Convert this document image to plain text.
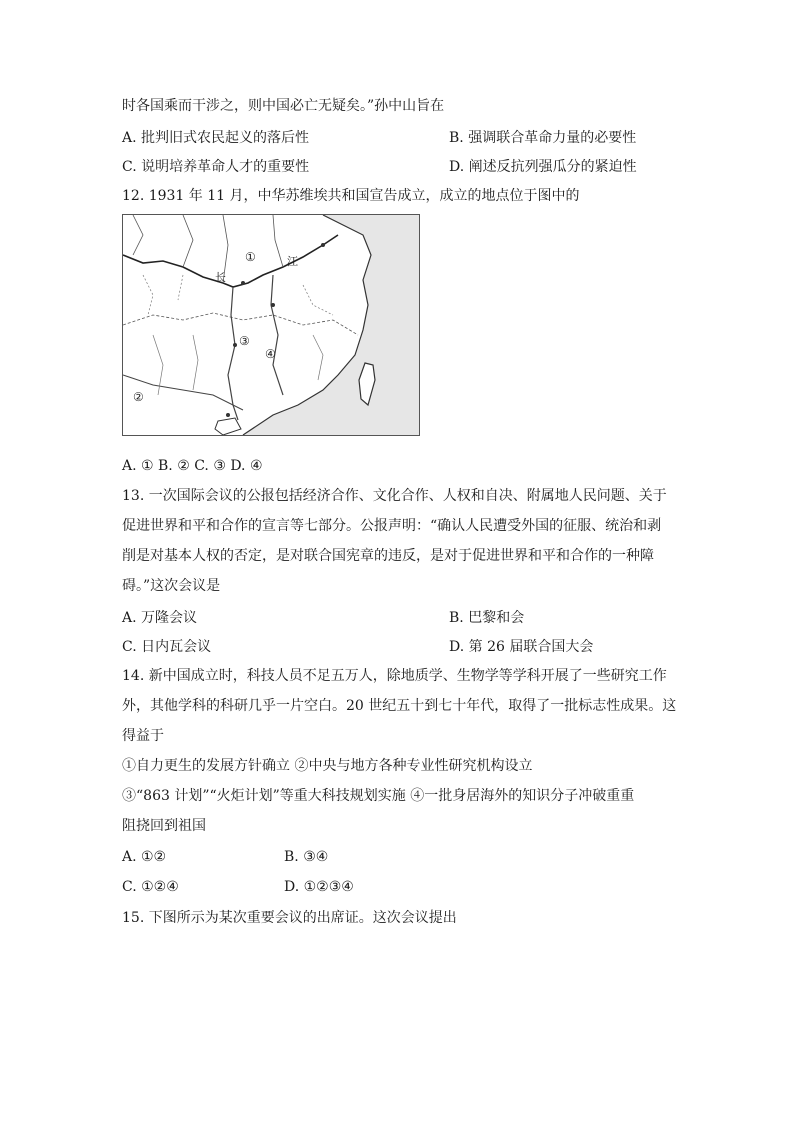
时各国乘而干涉之，则中国必亡无疑矣。”孙中山旨在
A. 批判旧式农民起义的落后性	B. 强调联合革命力量的必要性
C. 说明培养革命人才的重要性	D. 阐述反抗列强瓜分的紧迫性
12. 1931 年 11 月，中华苏维埃共和国宣告成立，成立的地点位于图中的
①	江
长
③
④
②
A. ① B. ② C. ③ D. ④
13. 一次国际会议的公报包括经济合作、文化合作、人权和自决、附属地人民问题、关于
促进世界和平和合作的宣言等七部分。公报声明：“确认人民遭受外国的征服、统治和剥
削是对基本人权的否定，是对联合国宪章的违反，是对于促进世界和平和合作的一种障
碍。”这次会议是
A. 万隆会议	B. 巴黎和会
C. 日内瓦会议	D. 第 26 届联合国大会
14. 新中国成立时，科技人员不足五万人，除地质学、生物学等学科开展了一些研究工作
外，其他学科的科研几乎一片空白。20 世纪五十到七十年代，取得了一批标志性成果。这
得益于
①自力更生的发展方针确立 ②中央与地方各种专业性研究机构设立
③“863 计划”“火炬计划”等重大科技规划实施 ④一批身居海外的知识分子冲破重重
阻挠回到祖国
A. ①②	B. ③④
C. ①②④	D. ①②③④
15. 下图所示为某次重要会议的出席证。这次会议提出
